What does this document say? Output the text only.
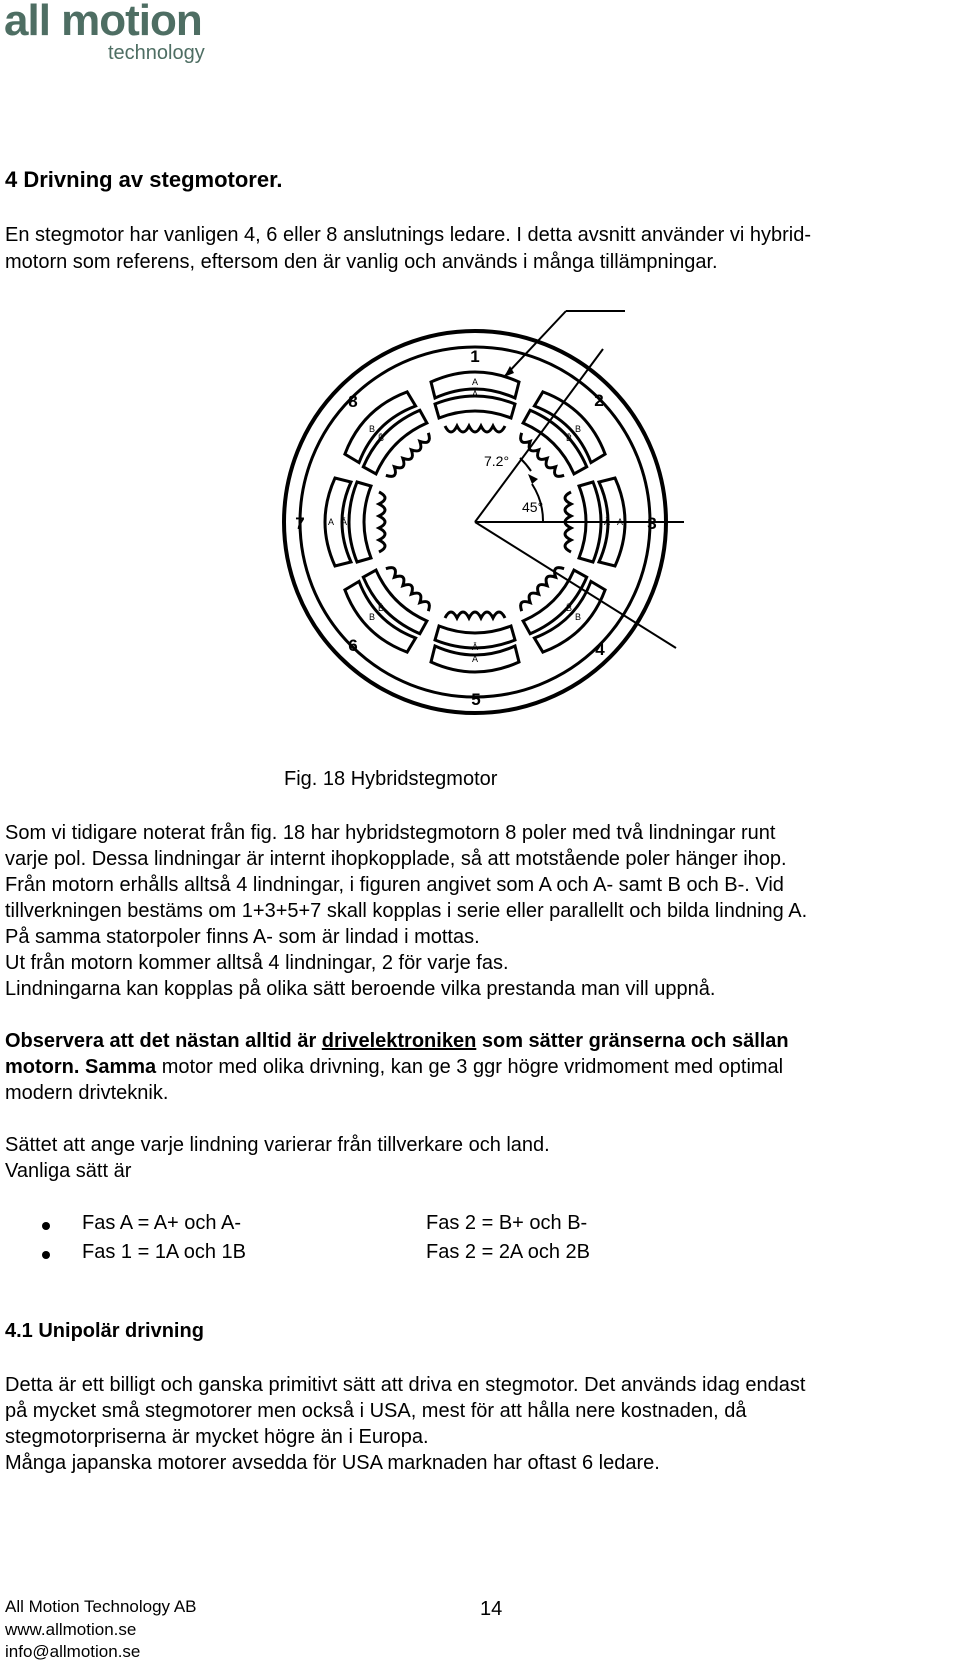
all motion
technology
4 Drivning av stegmotorer.
En stegmotor har vanligen 4, 6 eller 8 anslutnings ledare. I detta avsnitt använder vi hybrid-
motorn som referens, eftersom den är vanlig och används i många tillämpningar.
1
2
3
4
5
6
7
8
7.2°
45°
A
Ā
Ā
A
A Ā	Ā A
B
B̄	B̄
B
B̄
B
B̄
B
Fig. 18 Hybridstegmotor
Som vi tidigare noterat från fig. 18 har hybridstegmotorn 8 poler med två lindningar runt
varje pol. Dessa lindningar är internt ihopkopplade, så att motstående poler hänger ihop.
Från motorn erhålls alltså 4 lindningar, i figuren angivet som A och A- samt B och B-. Vid
tillverkningen bestäms om 1+3+5+7 skall kopplas i serie eller parallellt och bilda lindning A.
På samma statorpoler finns A- som är lindad i mottas.
Ut från motorn kommer alltså 4 lindningar, 2 för varje fas.
Lindningarna kan kopplas på olika sätt beroende vilka prestanda man vill uppnå.
Observera att det nästan alltid är drivelektroniken som sätter gränserna och sällan
motorn. Samma motor med olika drivning, kan ge 3 ggr högre vridmoment med optimal
modern drivteknik.
Sättet att ange varje lindning varierar från tillverkare och land.
Vanliga sätt är
Fas A = A+ och A-	Fas 2 = B+ och B-
Fas 1 = 1A och 1B	Fas 2 = 2A och 2B
4.1 Unipolär drivning
Detta är ett billigt och ganska primitivt sätt att driva en stegmotor. Det används idag endast
på mycket små stegmotorer men också i USA, mest för att hålla nere kostnaden, då
stegmotorpriserna är mycket högre än i Europa.
Många japanska motorer avsedda för USA marknaden har oftast 6 ledare.
All Motion Technology AB
www.allmotion.se
info@allmotion.se
14
